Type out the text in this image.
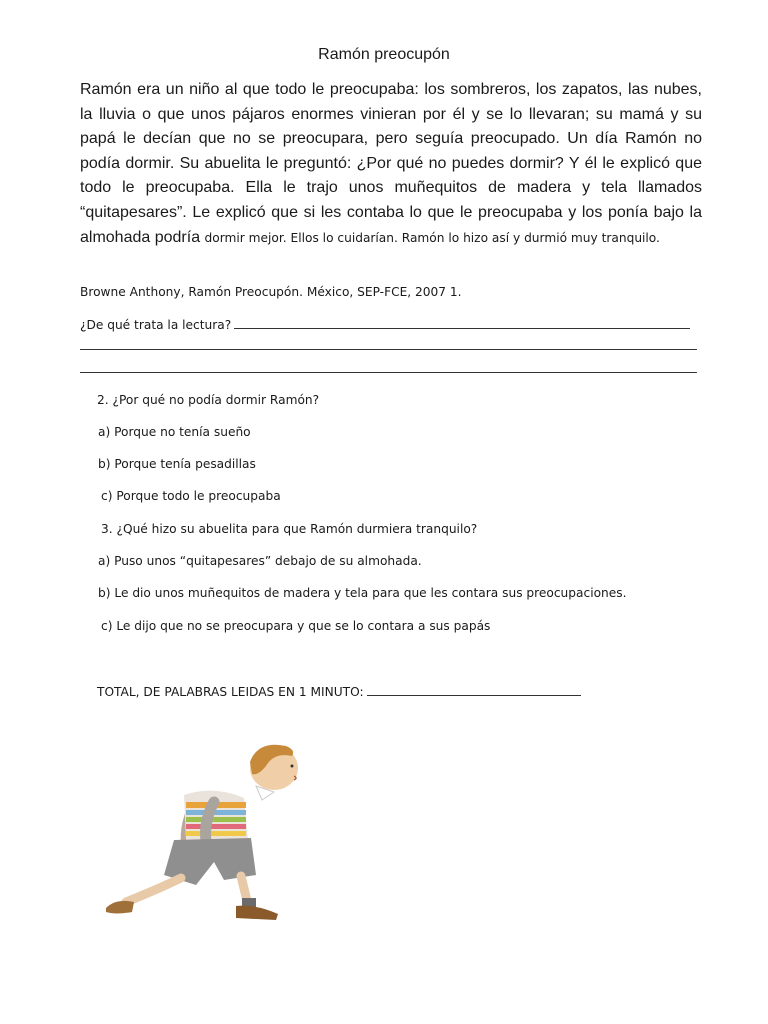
Ramón preocupón

Ramón era un niño al que todo le preocupaba: los sombreros, los zapatos, las nubes, la lluvia o que unos pájaros enormes vinieran por él y se lo llevaran; su mamá y su papá le decían que no se preocupara, pero seguía preocupado. Un día Ramón no podía dormir. Su abuelita le preguntó: ¿Por qué no puedes dormir? Y él le explicó que todo le preocupaba. Ella le trajo unos muñequitos de madera y tela llamados “quitapesares”. Le explicó que si les contaba lo que le preocupaba y los ponía bajo la almohada podría dormir mejor. Ellos lo cuidarían. Ramón lo hizo así y durmió muy tranquilo.

Browne Anthony, Ramón Preocupón. México, SEP-FCE, 2007 1.
¿De qué trata la lectura?
2. ¿Por qué no podía dormir Ramón?
a) Porque no tenía sueño
b) Porque tenía pesadillas
c) Porque todo le preocupaba
3. ¿Qué hizo su abuelita para que Ramón durmiera tranquilo?
a) Puso unos “quitapesares” debajo de su almohada.
b) Le dio unos muñequitos de madera y tela para que les contara sus preocupaciones.
c) Le dijo que no se preocupara y que se lo contara a sus papás
TOTAL, DE PALABRAS LEIDAS EN 1 MINUTO:
